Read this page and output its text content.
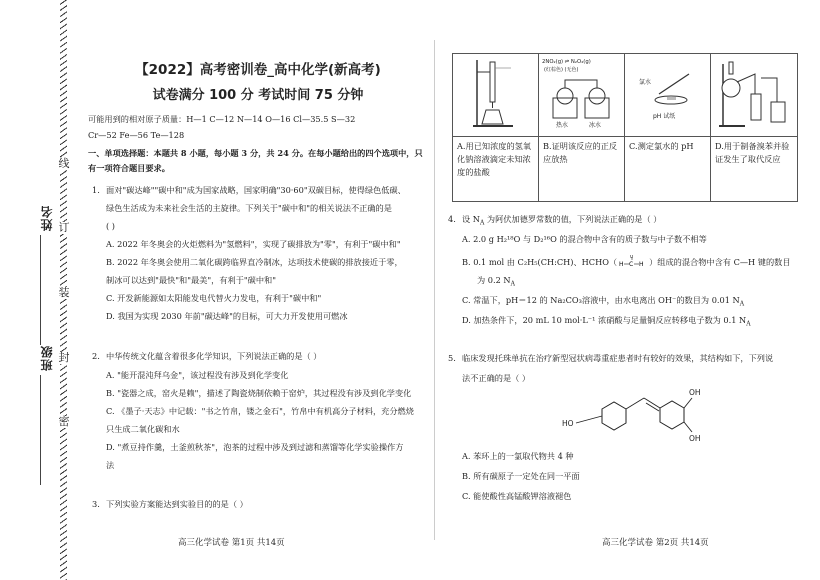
姓名
班级
线
订
装
封
密
【2022】高考密训卷_高中化学(新高考)
试卷满分 100 分 考试时间 75 分钟
可能用到的相对原子质量：H—1 C—12 N—14 O—16 Cl—35.5 S—32
Cr—52 Fe—56 Te—128
一、单项选择题：本题共 8 小题，每小题 3 分，共 24 分。在每小题给出的四个选项中，只
有一项符合题目要求。
1. 面对"碳达峰""碳中和"成为国家战略，国家明确"30·60"双碳目标，使得绿色低碳、
绿色生活成为未来社会生活的主旋律。下列关于"碳中和"的相关说法不正确的是
( )
A. 2022 年冬奥会的火炬燃料为"氢燃料"，实现了碳排放为"零"，有利于"碳中和"
B. 2022 年冬奥会使用二氧化碳跨临界直冷制冰，达项技术使碳的排放接近于零，
制冰可以达到"最快"和"最美"，有利于"碳中和"
C. 开发新能源如太阳能发电代替火力发电，有利于"碳中和"
D. 我国为实现 2030 年前"碳达峰"的目标，可大力开发使用可燃冰
2. 中华传统文化蕴含着很多化学知识，下列说法正确的是（ ）
A. "能开混沌拜乌金"，该过程没有涉及到化学变化
B. "瓷器之成，窑火是赖"，描述了陶瓷烧制依赖于窑炉，其过程没有涉及到化学变化
C. 《墨子·天志》中记载："书之竹帛，镂之金石"，竹帛中有机高分子材料，充分燃烧
只生成二氧化碳和水
D. "煮豆持作羹，土釜煎秋茶"，泡茶的过程中涉及到过滤和蒸馏等化学实验操作方
法
3. 下列实验方案能达到实验目的的是（ ）
高三化学试卷 第1页 共14页

2NO₂(g) ⇌ N₂O₄(g)
(红棕色) (无色)
热水 冰水	氯水
pH 试纸

A.用已知浓度的氢氧化钠溶液滴定未知浓度的盐酸	B.证明该反应的正反应放热	C.测定氯水的 pH	D.用于制备溴苯并验证发生了取代反应
4. 设 $N_A$ 为阿伏加德罗常数的值，下列说法正确的是（ ）
A. 2.0 g H₂¹⁸O 与 D₂¹⁶O 的混合物中含有的质子数与中子数不相等
B. 0.1 mol 由 C₂H₅(CH:CH)、HCHO（ H C
O
H ）组成的混合物中含有 C—H 键的数目
为 0.2 $N_A$
C. 常温下，pH＝12 的 Na₂CO₃溶液中，由水电离出 OH⁻的数目为 0.01 $N_A$
D. 加热条件下，20 mL 10 mol·L⁻¹ 浓硝酸与足量铜反应转移电子数为 0.1 $N_A$
5. 临床发现托珠单抗在治疗新型冠状病毒重症患者时有较好的效果，其结构如下，下列说
法不正确的是（ ）
HO
OH
OH
A. 苯环上的一氯取代物共 4 种
B. 所有碳原子一定处在同一平面
C. 能使酸性高锰酸钾溶液褪色
高三化学试卷 第2页 共14页
